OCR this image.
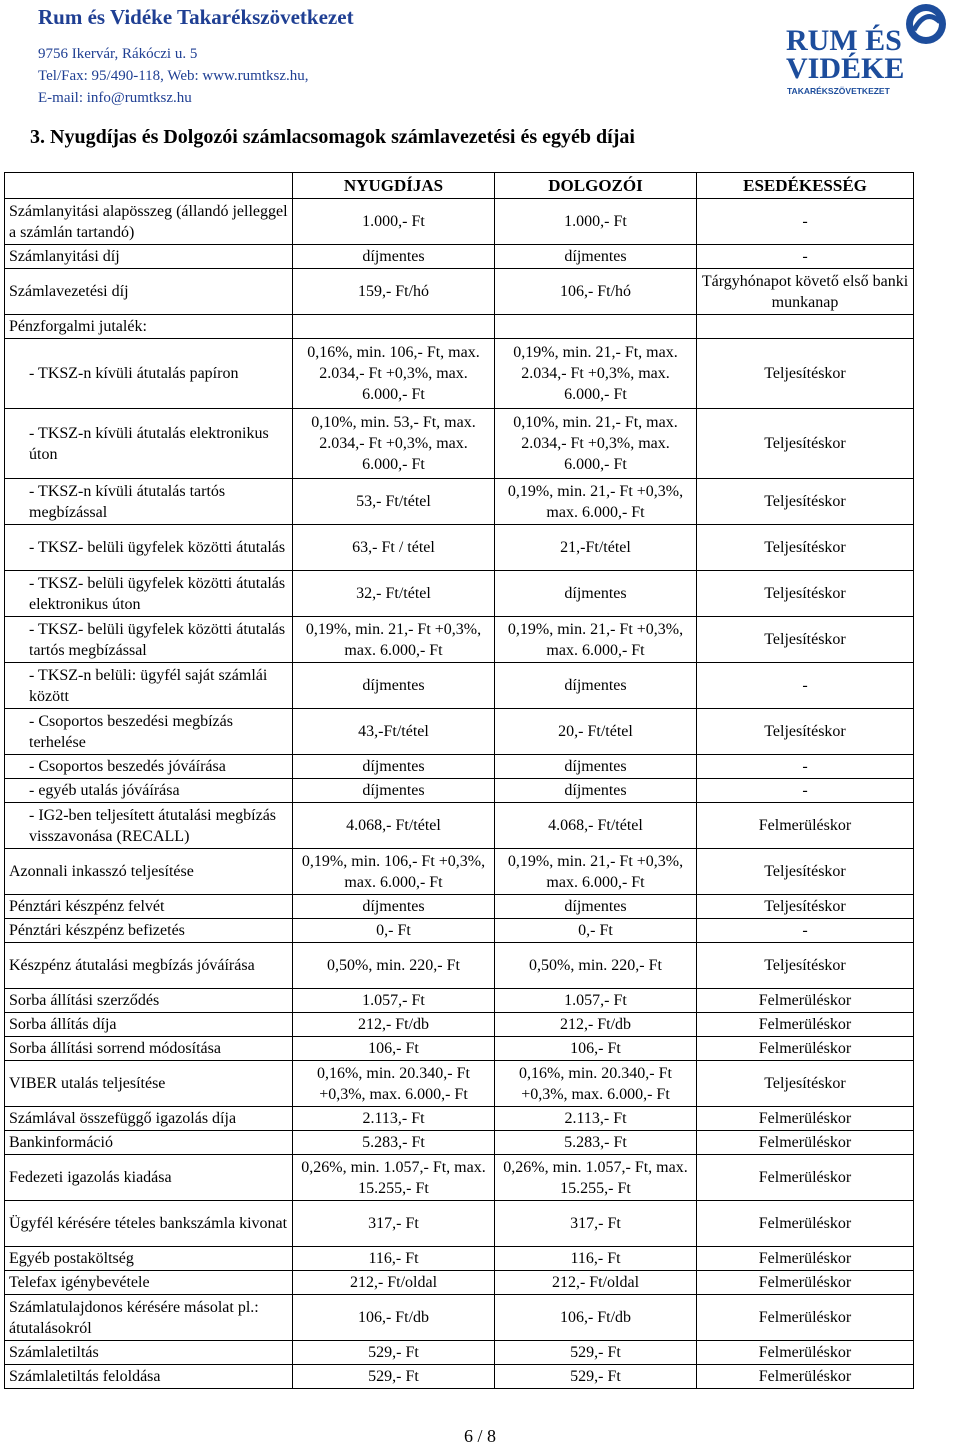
Rum és Vidéke Takarékszövetkezet
9756 Ikervár, Rákóczi u. 5
Tel/Fax: 95/490-118, Web: www.rumtksz.hu,
E-mail: info@rumtksz.hu
RUM ÉS
VIDÉKE
TAKARÉKSZÖVETKEZET
3. Nyugdíjas és Dolgozói számlacsomagok számlavezetési és egyéb díjai
	NYUGDÍJAS	DOLGOZÓI	ESEDÉKESSÉG
Számlanyitási alapösszeg (állandó jelleggel a számlán tartandó)	1.000,- Ft	1.000,- Ft	-
Számlanyitási díj	díjmentes	díjmentes	-
Számlavezetési díj	159,- Ft/hó	106,- Ft/hó	Tárgyhónapot követő első banki munkanap
Pénzforgalmi jutalék:			
- TKSZ-n kívüli átutalás papíron	0,16%, min. 106,- Ft, max. 2.034,- Ft +0,3%, max. 6.000,- Ft	0,19%, min. 21,- Ft, max. 2.034,- Ft +0,3%, max. 6.000,- Ft	Teljesítéskor
- TKSZ-n kívüli átutalás elektronikus úton	0,10%, min. 53,- Ft, max. 2.034,- Ft +0,3%, max. 6.000,- Ft	0,10%, min. 21,- Ft, max. 2.034,- Ft +0,3%, max. 6.000,- Ft	Teljesítéskor
- TKSZ-n kívüli átutalás tartós megbízással	53,- Ft/tétel	0,19%, min. 21,- Ft +0,3%, max. 6.000,- Ft	Teljesítéskor
- TKSZ- belüli ügyfelek közötti átutalás	63,- Ft / tétel	21,-Ft/tétel	Teljesítéskor
- TKSZ- belüli ügyfelek közötti átutalás elektronikus úton	32,- Ft/tétel	díjmentes	Teljesítéskor
- TKSZ- belüli ügyfelek közötti átutalás tartós megbízással	0,19%, min. 21,- Ft +0,3%, max. 6.000,- Ft	0,19%, min. 21,- Ft +0,3%, max. 6.000,- Ft	Teljesítéskor
- TKSZ-n belüli: ügyfél saját számlái között	díjmentes	díjmentes	-
- Csoportos beszedési megbízás terhelése	43,-Ft/tétel	20,- Ft/tétel	Teljesítéskor
- Csoportos beszedés jóváírása	díjmentes	díjmentes	-
- egyéb utalás jóváírása	díjmentes	díjmentes	-
- IG2-ben teljesített átutalási megbízás visszavonása (RECALL)	4.068,- Ft/tétel	4.068,- Ft/tétel	Felmerüléskor
Azonnali inkasszó teljesítése	0,19%, min. 106,- Ft +0,3%, max. 6.000,- Ft	0,19%, min. 21,- Ft +0,3%, max. 6.000,- Ft	Teljesítéskor
Pénztári készpénz felvét	díjmentes	díjmentes	Teljesítéskor
Pénztári készpénz befizetés	0,- Ft	0,- Ft	-
Készpénz átutalási megbízás jóváírása	0,50%, min. 220,- Ft	0,50%, min. 220,- Ft	Teljesítéskor
Sorba állítási szerződés	1.057,- Ft	1.057,- Ft	Felmerüléskor
Sorba állítás díja	212,- Ft/db	212,- Ft/db	Felmerüléskor
Sorba állítási sorrend módosítása	106,- Ft	106,- Ft	Felmerüléskor
VIBER utalás teljesítése	0,16%, min. 20.340,- Ft +0,3%, max. 6.000,- Ft	0,16%, min. 20.340,- Ft +0,3%, max. 6.000,- Ft	Teljesítéskor
Számlával összefüggő igazolás díja	2.113,- Ft	2.113,- Ft	Felmerüléskor
Bankinformáció	5.283,- Ft	5.283,- Ft	Felmerüléskor
Fedezeti igazolás kiadása	0,26%, min. 1.057,- Ft, max. 15.255,- Ft	0,26%, min. 1.057,- Ft, max. 15.255,- Ft	Felmerüléskor
Ügyfél kérésére tételes bankszámla kivonat	317,- Ft	317,- Ft	Felmerüléskor
Egyéb postaköltség	116,- Ft	116,- Ft	Felmerüléskor
Telefax igénybevétele	212,- Ft/oldal	212,- Ft/oldal	Felmerüléskor
Számlatulajdonos kérésére másolat pl.: átutalásokról	106,- Ft/db	106,- Ft/db	Felmerüléskor
Számlaletiltás	529,- Ft	529,- Ft	Felmerüléskor
Számlaletiltás feloldása	529,- Ft	529,- Ft	Felmerüléskor
6 / 8
